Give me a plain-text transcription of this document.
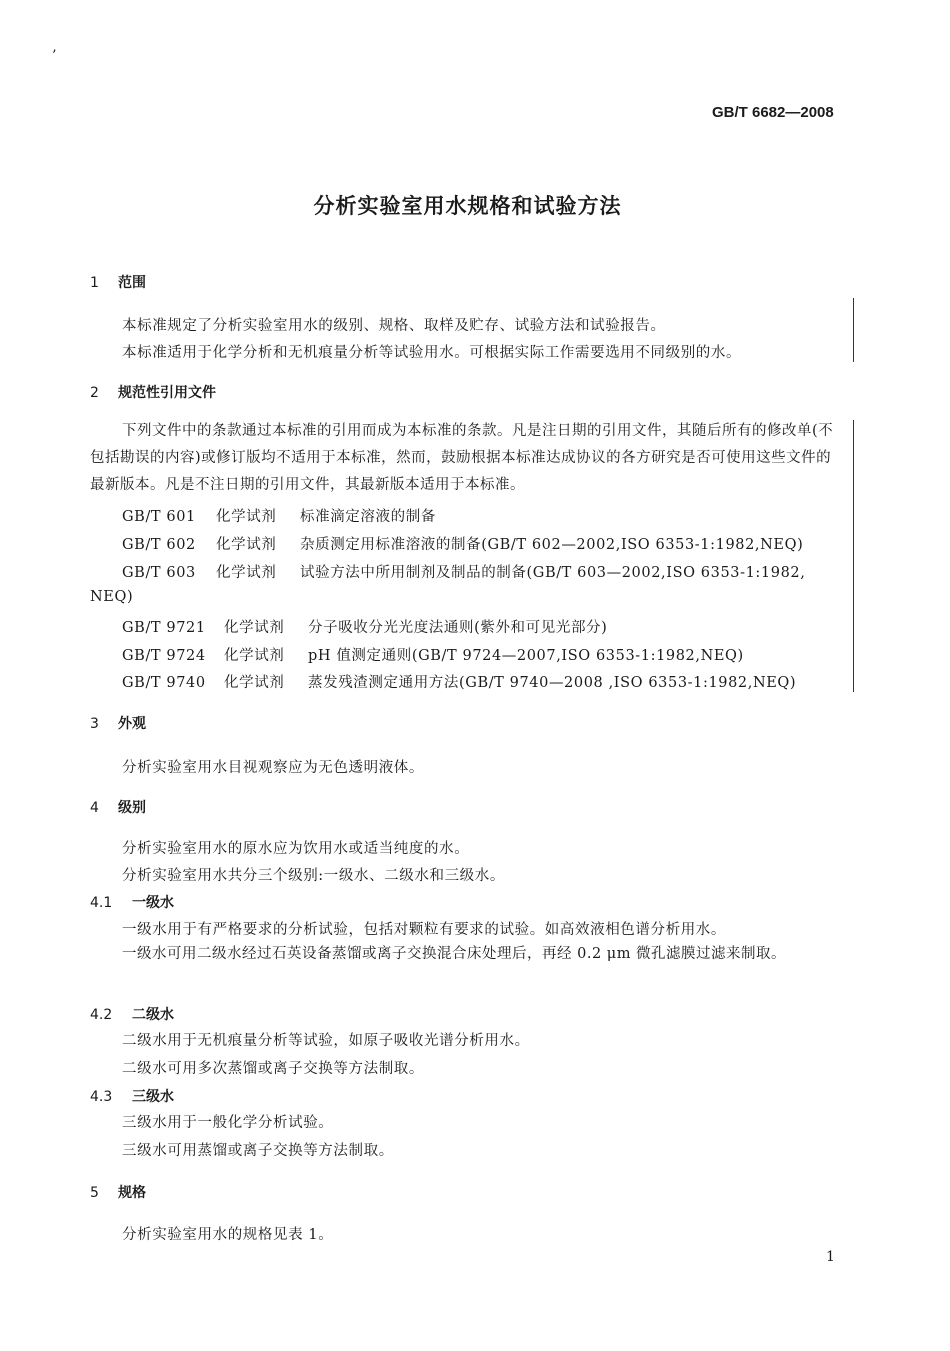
’
GB/T 6682—2008
分析实验室用水规格和试验方法
1 范围
本标准规定了分析实验室用水的级别、规格、取样及贮存、试验方法和试验报告。
本标准适用于化学分析和无机痕量分析等试验用水。可根据实际工作需要选用不同级别的水。
2 规范性引用文件
下列文件中的条款通过本标准的引用而成为本标准的条款。凡是注日期的引用文件，其随后所有的修改单(不包括勘误的内容)或修订版均不适用于本标准，然而，鼓励根据本标准达成协议的各方研究是否可使用这些文件的最新版本。凡是不注日期的引用文件，其最新版本适用于本标准。
GB/T 601 化学试剂 标准滴定溶液的制备
GB/T 602 化学试剂 杂质测定用标准溶液的制备(GB/T 602—2002,ISO 6353-1:1982,NEQ)
GB/T 603 化学试剂 试验方法中所用制剂及制品的制备(GB/T 603—2002,ISO 6353-1:1982,
NEQ)
GB/T 9721 化学试剂 分子吸收分光光度法通则(紫外和可见光部分)
GB/T 9724 化学试剂 pH 值测定通则(GB/T 9724—2007,ISO 6353-1:1982,NEQ)
GB/T 9740 化学试剂 蒸发残渣测定通用方法(GB/T 9740—2008 ,ISO 6353-1:1982,NEQ)
3 外观
分析实验室用水目视观察应为无色透明液体。
4 级别
分析实验室用水的原水应为饮用水或适当纯度的水。
分析实验室用水共分三个级别:一级水、二级水和三级水。
4.1 一级水
一级水用于有严格要求的分析试验，包括对颗粒有要求的试验。如高效液相色谱分析用水。
一级水可用二级水经过石英设备蒸馏或离子交换混合床处理后，再经 0.2 μm 微孔滤膜过滤来制取。
4.2 二级水
二级水用于无机痕量分析等试验，如原子吸收光谱分析用水。
二级水可用多次蒸馏或离子交换等方法制取。
4.3 三级水
三级水用于一般化学分析试验。
三级水可用蒸馏或离子交换等方法制取。
5 规格
分析实验室用水的规格见表 1。
1
